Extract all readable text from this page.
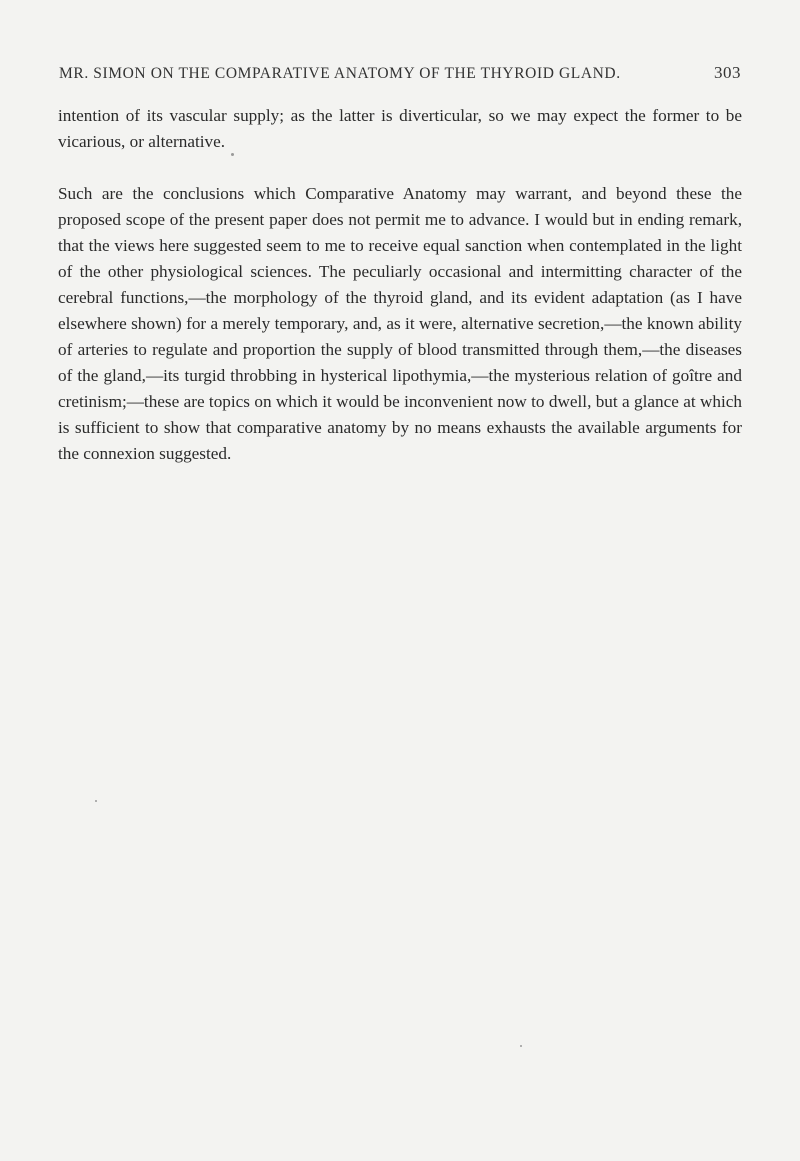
MR. SIMON ON THE COMPARATIVE ANATOMY OF THE THYROID GLAND.	303

intention of its vascular supply; as the latter is diverticular, so we may expect the former to be vicarious, or alternative.

Such are the conclusions which Comparative Anatomy may warrant, and beyond these the proposed scope of the present paper does not permit me to advance. I would but in ending remark, that the views here suggested seem to me to receive equal sanction when contemplated in the light of the other physiological sciences. The peculiarly occasional and intermitting character of the cerebral functions,—the morphology of the thyroid gland, and its evident adaptation (as I have elsewhere shown) for a merely temporary, and, as it were, alternative secretion,—the known ability of arteries to regulate and proportion the supply of blood transmitted through them,—the diseases of the gland,—its turgid throbbing in hysterical lipothymia,—the mysterious relation of goître and cretinism;—these are topics on which it would be inconvenient now to dwell, but a glance at which is sufficient to show that comparative anatomy by no means exhausts the available arguments for the connexion suggested.
